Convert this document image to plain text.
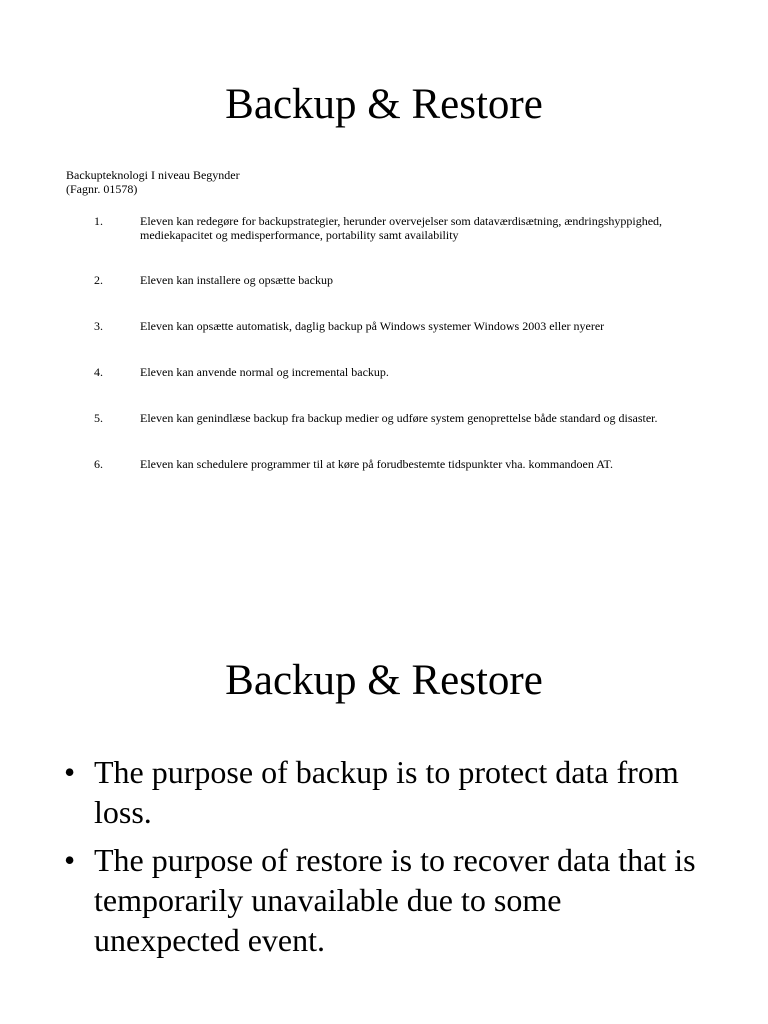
Backup & Restore
Backupteknologi I niveau Begynder
(Fagnr. 01578)
1.	Eleven kan redegøre for backupstrategier, herunder overvejelser som dataværdisætning, ændringshyppighed, mediekapacitet og medisperformance, portability samt availability
2.	Eleven kan installere og opsætte backup
3.	Eleven kan opsætte automatisk, daglig backup på Windows systemer Windows 2003 eller nyerer
4.	Eleven kan anvende normal og incremental backup.
5.	Eleven kan genindlæse backup fra backup medier og udføre system genoprettelse både standard og disaster.
6.	Eleven kan schedulere programmer til at køre på forudbestemte tidspunkter vha. kommandoen AT.
Backup & Restore
• The purpose of backup is to protect data from loss.
• The purpose of restore is to recover data that is temporarily unavailable due to some unexpected event.
